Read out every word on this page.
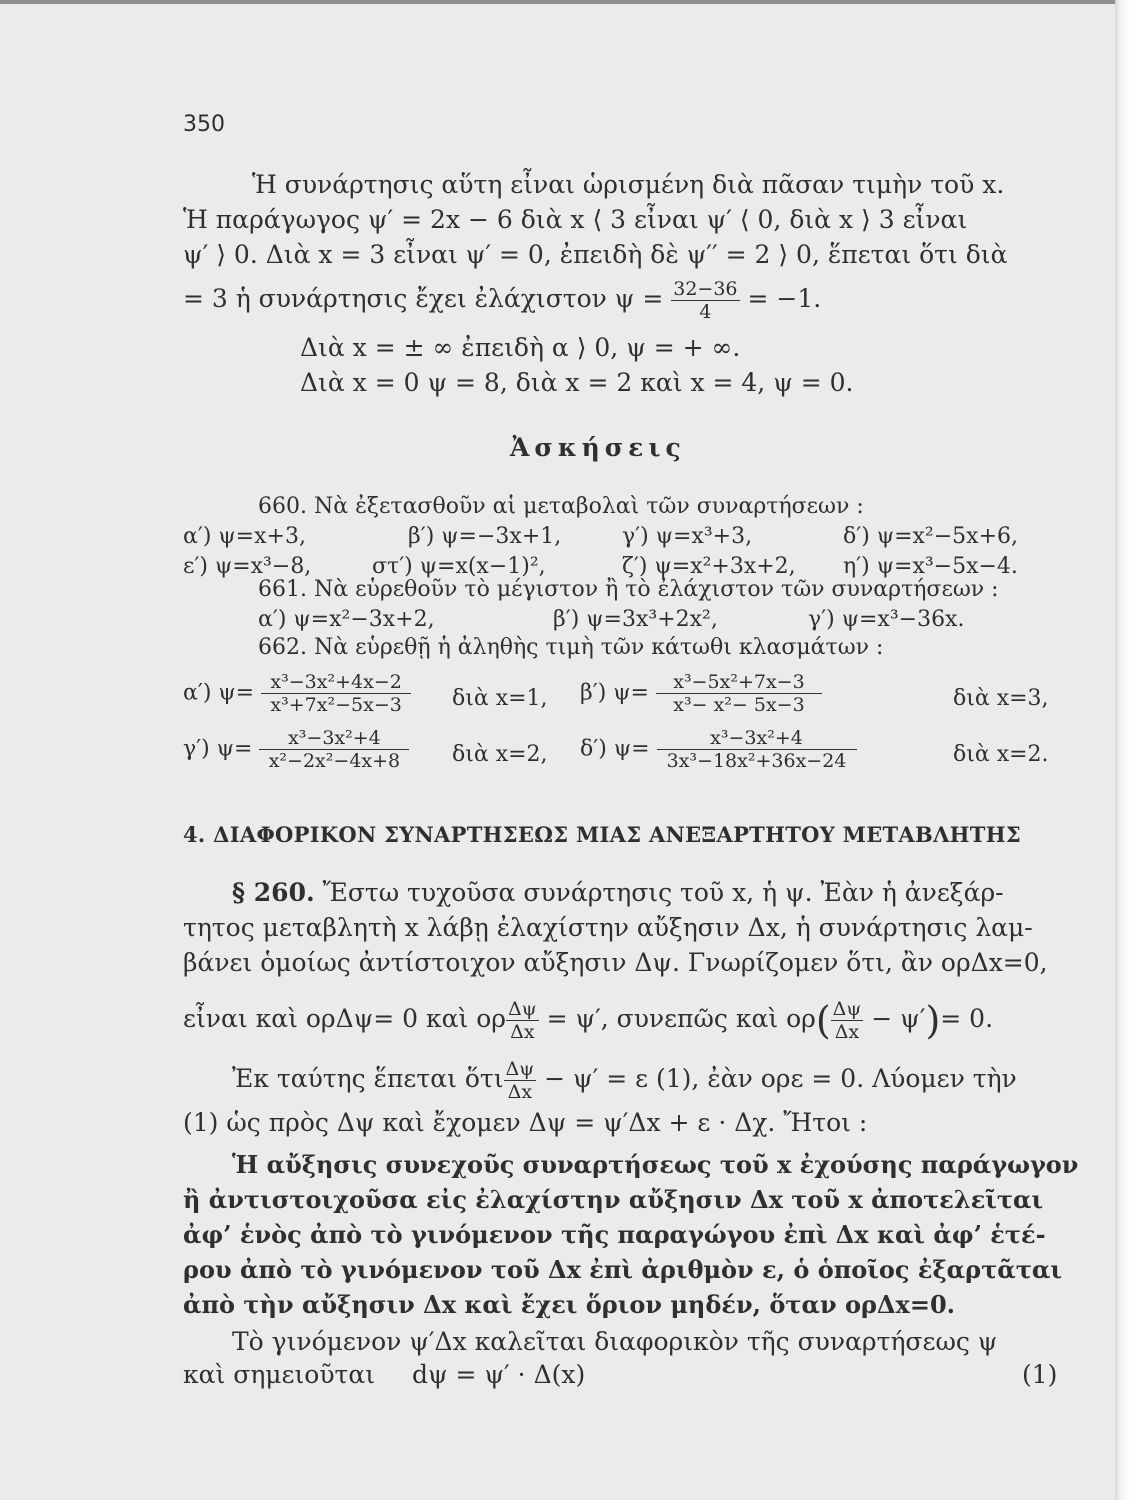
350
Ἡ συνάρτησις αὕτη εἶναι ὡρισμένη διὰ πᾶσαν τιμὴν τοῦ x.
Ἡ παράγωγος ψ′ = 2x − 6 διὰ x ⟨ 3 εἶναι ψ′ ⟨ 0, διὰ x ⟩ 3 εἶναι
ψ′ ⟩ 0. Διὰ x = 3 εἶναι ψ′ = 0, ἐπειδὴ δὲ ψ′′ = 2 ⟩ 0, ἕπεται ὅτι διὰ
= 3 ἡ συνάρτησις ἔχει ἐλάχιστον $\psi = \frac{32-36}{4} = -1$.
Διὰ x = ± ∞ ἐπειδὴ α ⟩ 0, ψ = + ∞.
Διὰ x = 0 ψ = 8, διὰ x = 2 καὶ x = 4, ψ = 0.
Ἀσκήσεις
660. Νὰ ἐξετασθοῦν αἱ μεταβολαὶ τῶν συναρτήσεων :
α′) ψ=x+3,	β′) ψ=−3x+1,	γ′) ψ=x³+3,	δ′) ψ=x²−5x+6,
ε′) ψ=x³−8,	στ′) ψ=x(x−1)²,	ζ′) ψ=x²+3x+2, η′) ψ=x³−5x−4.
661. Νὰ εὑρεθοῦν τὸ μέγιστον ἢ τὸ ἐλάχιστον τῶν συναρτήσεων :
α′) ψ=x²−3x+2,	β′) ψ=3x³+2x²,	γ′) ψ=x³−36x.
662. Νὰ εὑρεθῇ ἡ ἀληθὴς τιμὴ τῶν κάτωθι κλασμάτων :
α′) $\psi= \frac{\text{x³−3x²+4x−2}}{\text{x³+7x²−5x−3}}$ διὰ x=1, β′) $\psi= \frac{\text{x³−5x²+7x−3}}{\text{x³− x²− 5x−3}}$	διὰ x=3,
γ′) $\psi= \frac{\text{x³−3x²+4}}{\text{x²−2x²−4x+8}}$ διὰ x=2, δ′) $\psi= \frac{\text{x³−3x²+4}}{\text{3x³−18x²+36x−24}}$	διὰ x=2.
4. ΔΙΑΦΟΡΙΚΟΝ ΣΥΝΑΡΤΗΣΕΩΣ ΜΙΑΣ ΑΝΕΞΑΡΤΗΤΟΥ ΜΕΤΑΒΛΗΤΗΣ
§ 260. Ἔστω τυχοῦσα συνάρτησις τοῦ x, ἡ ψ. Ἐὰν ἡ ἀνεξάρ-
τητος μεταβλητὴ x λάβῃ ἐλαχίστην αὔξησιν Δx, ἡ συνάρτησις λαμ-
βάνει ὁμοίως ἀντίστοιχον αὔξησιν Δψ. Γνωρίζομεν ὅτι, ἂν ορΔx=0,
εἶναι καὶ ορΔψ= 0 καὶ ορ $\frac{\Delta\psi}{\Delta x} = \psi'$, συνεπῶς καὶ $o\rho( \frac{\Delta\psi}{\Delta x} - \psi')= 0$.
Ἐκ ταύτης ἕπεται ὅτι $\frac{\Delta\psi}{\Delta x} - \psi' = \varepsilon$ (1), ἐὰν ορε = 0. Λύομεν τὴν
(1) ὡς πρὸς Δψ καὶ ἔχομεν Δψ = ψ′Δx + ε · Δχ. Ἤτοι :
Ἡ αὔξησις συνεχοῦς συναρτήσεως τοῦ x ἐχούσης παράγωγον
ἢ ἀντιστοιχοῦσα εἰς ἐλαχίστην αὔξησιν Δx τοῦ x ἀποτελεῖται
ἀφ’ ἑνὸς ἀπὸ τὸ γινόμενον τῆς παραγώγου ἐπὶ Δx καὶ ἀφ’ ἑτέ-
ρου ἀπὸ τὸ γινόμενον τοῦ Δx ἐπὶ ἀριθμὸν ε, ὁ ὁποῖος ἐξαρτᾶται
ἀπὸ τὴν αὔξησιν Δx καὶ ἔχει ὅριον μηδέν, ὅταν ορΔx=0.
Τὸ γινόμενον ψ′Δx καλεῖται διαφορικὸν τῆς συναρτήσεως ψ
καὶ σημειοῦται dψ = ψ′ · Δ(x)	(1)
